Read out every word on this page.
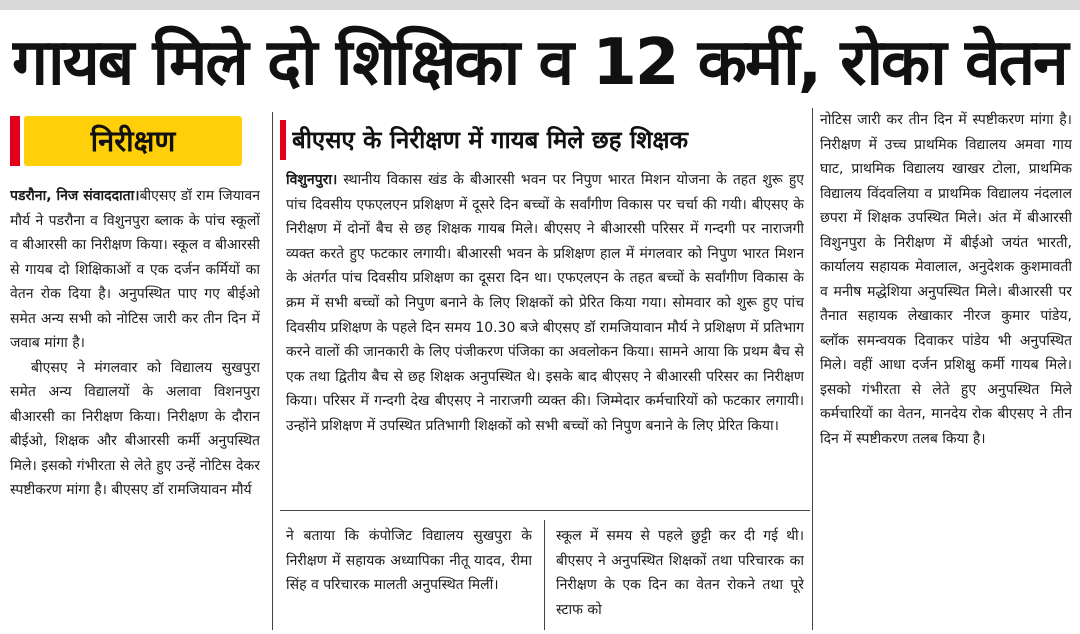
गायब मिले दो शिक्षिका व 12 कर्मी, रोका वेतन
निरीक्षण	बीएसए के निरीक्षण में गायब मिले छह शिक्षक

पडरौना, निज संवाददाता।बीएसए डॉ राम जियावन मौर्य ने पडरौना व विशुनपुरा ब्लाक के पांच स्कूलों व बीआरसी का निरीक्षण किया। स्कूल व बीआरसी से गायब दो शिक्षिकाओं व एक दर्जन कर्मियों का वेतन रोक दिया है। अनुपस्थित पाए गए बीईओ समेत अन्य सभी को नोटिस जारी कर तीन दिन में जवाब मांगा है।

बीएसए ने मंगलवार को विद्यालय सुखपुरा समेत अन्य विद्यालयों के अलावा विशनपुरा बीआरसी का निरीक्षण किया। निरीक्षण के दौरान बीईओ, शिक्षक और बीआरसी कर्मी अनुपस्थित मिले। इसको गंभीरता से लेते हुए उन्हें नोटिस देकर स्पष्टीकरण मांगा है। बीएसए डॉ रामजियावन मौर्य

विशुनपुरा। स्थानीय विकास खंड के बीआरसी भवन पर निपुण भारत मिशन योजना के तहत शुरू हुए पांच दिवसीय एफएलएन प्रशिक्षण में दूसरे दिन बच्चों के सर्वांगीण विकास पर चर्चा की गयी। बीएसए के निरीक्षण में दोनों बैच से छह शिक्षक गायब मिले। बीएसए ने बीआरसी परिसर में गन्दगी पर नाराजगी व्यक्त करते हुए फटकार लगायी। बीआरसी भवन के प्रशिक्षण हाल में मंगलवार को निपुण भारत मिशन के अंतर्गत पांच दिवसीय प्रशिक्षण का दूसरा दिन था। एफएलएन के तहत बच्चों के सर्वांगीण विकास के क्रम में सभी बच्चों को निपुण बनाने के लिए शिक्षकों को प्रेरित किया गया। सोमवार को शुरू हुए पांच दिवसीय प्रशिक्षण के पहले दिन समय 10.30 बजे बीएसए डॉ रामजियावान मौर्य ने प्रशिक्षण में प्रतिभाग करने वालों की जानकारी के लिए पंजीकरण पंजिका का अवलोकन किया। सामने आया कि प्रथम बैच से एक तथा द्वितीय बैच से छह शिक्षक अनुपस्थित थे। इसके बाद बीएसए ने बीआरसी परिसर का निरीक्षण किया। परिसर में गन्दगी देख बीएसए ने नाराजगी व्यक्त की। जिम्मेदार कर्मचारियों को फटकार लगायी। उन्होंने प्रशिक्षण में उपस्थित प्रतिभागी शिक्षकों को सभी बच्चों को निपुण बनाने के लिए प्रेरित किया।

ने बताया कि कंपोजिट विद्यालय सुखपुरा के निरीक्षण में सहायक अध्यापिका नीतू यादव, रीमा सिंह व परिचारक मालती अनुपस्थित मिलीं।

स्कूल में समय से पहले छुट्टी कर दी गई थी। बीएसए ने अनुपस्थित शिक्षकों तथा परिचारक का निरीक्षण के एक दिन का वेतन रोकने तथा पूरे स्टाफ को

नोटिस जारी कर तीन दिन में स्पष्टीकरण मांगा है। निरीक्षण में उच्च प्राथमिक विद्यालय अमवा गाय घाट, प्राथमिक विद्यालय खाखर टोला, प्राथमिक विद्यालय विंदवलिया व प्राथमिक विद्यालय नंदलाल छपरा में शिक्षक उपस्थित मिले। अंत में बीआरसी विशुनपुरा के निरीक्षण में बीईओ जयंत भारती, कार्यालय सहायक मेवालाल, अनुदेशक कुशमावती व मनीष मद्धेशिया अनुपस्थित मिले। बीआरसी पर तैनात सहायक लेखाकार नीरज कुमार पांडेय, ब्लॉक समन्वयक दिवाकर पांडेय भी अनुपस्थित मिले। वहीं आधा दर्जन प्रशिक्षु कर्मी गायब मिले। इसको गंभीरता से लेते हुए अनुपस्थित मिले कर्मचारियों का वेतन, मानदेय रोक बीएसए ने तीन दिन में स्पष्टीकरण तलब किया है।
